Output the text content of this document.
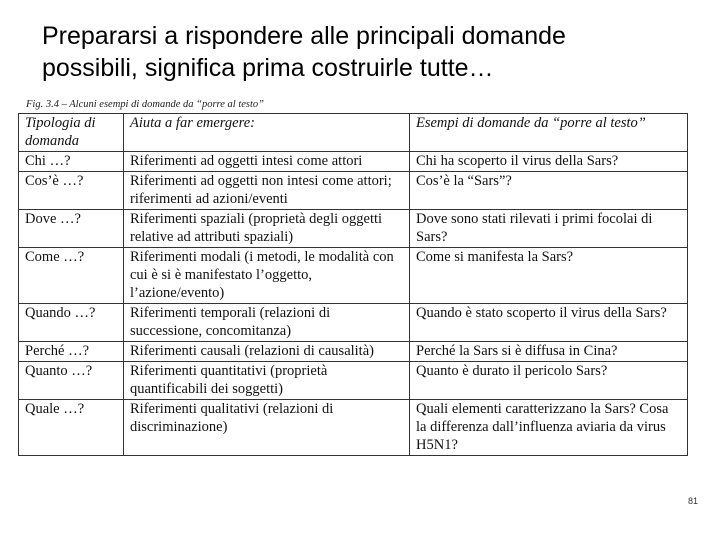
Prepararsi a rispondere alle principali domande
possibili, significa prima costruirle tutte…
Fig. 3.4 – Alcuni esempi di domande da “porre al testo”
Tipologia di domanda	Aiuta a far emergere:	Esempi di domande da “porre al testo”
Chi …?	Riferimenti ad oggetti intesi come attori	Chi ha scoperto il virus della Sars?
Cos’è …?	Riferimenti ad oggetti non intesi come attori; riferimenti ad azioni/eventi	Cos’è la “Sars”?
Dove …?	Riferimenti spaziali (proprietà degli oggetti relative ad attributi spaziali)	Dove sono stati rilevati i primi focolai di Sars?
Come …?	Riferimenti modali (i metodi, le modalità con cui è si è manifestato l’oggetto, l’azione/evento)	Come si manifesta la Sars?
Quando …?	Riferimenti temporali (relazioni di successione, concomitanza)	Quando è stato scoperto il virus della Sars?
Perché …?	Riferimenti causali (relazioni di causalità)	Perché la Sars si è diffusa in Cina?
Quanto …?	Riferimenti quantitativi (proprietà quantificabili dei soggetti)	Quanto è durato il pericolo Sars?
Quale …?	Riferimenti qualitativi (relazioni di discriminazione)	Quali elementi caratterizzano la Sars? Cosa la differenza dall’influenza aviaria da virus H5N1?
81
